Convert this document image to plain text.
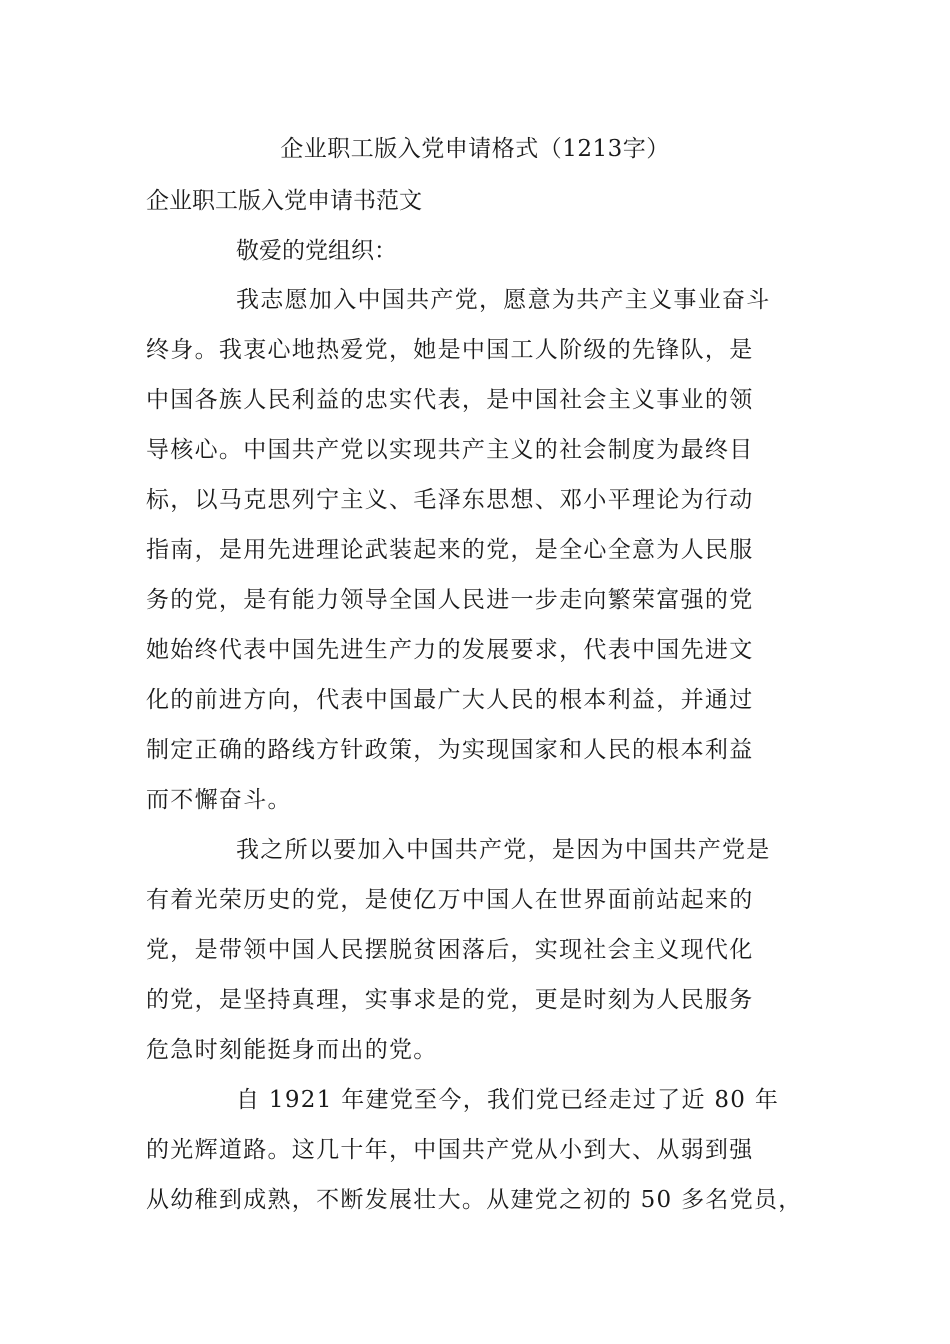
企业职工版入党申请格式（1213字）
企业职工版入党申请书范文
敬爱的党组织：
我志愿加入中国共产党，愿意为共产主义事业奋斗
终身。我衷心地热爱党，她是中国工人阶级的先锋队，是
中国各族人民利益的忠实代表，是中国社会主义事业的领
导核心。中国共产党以实现共产主义的社会制度为最终目
标，以马克思列宁主义、毛泽东思想、邓小平理论为行动
指南，是用先进理论武装起来的党，是全心全意为人民服
务的党，是有能力领导全国人民进一步走向繁荣富强的党
她始终代表中国先进生产力的发展要求，代表中国先进文
化的前进方向，代表中国最广大人民的根本利益，并通过
制定正确的路线方针政策，为实现国家和人民的根本利益
而不懈奋斗。
我之所以要加入中国共产党，是因为中国共产党是
有着光荣历史的党，是使亿万中国人在世界面前站起来的
党，是带领中国人民摆脱贫困落后，实现社会主义现代化
的党，是坚持真理，实事求是的党，更是时刻为人民服务
危急时刻能挺身而出的党。
自 1921 年建党至今，我们党已经走过了近 80 年
的光辉道路。这几十年，中国共产党从小到大、从弱到强
从幼稚到成熟，不断发展壮大。从建党之初的 50 多名党员，
